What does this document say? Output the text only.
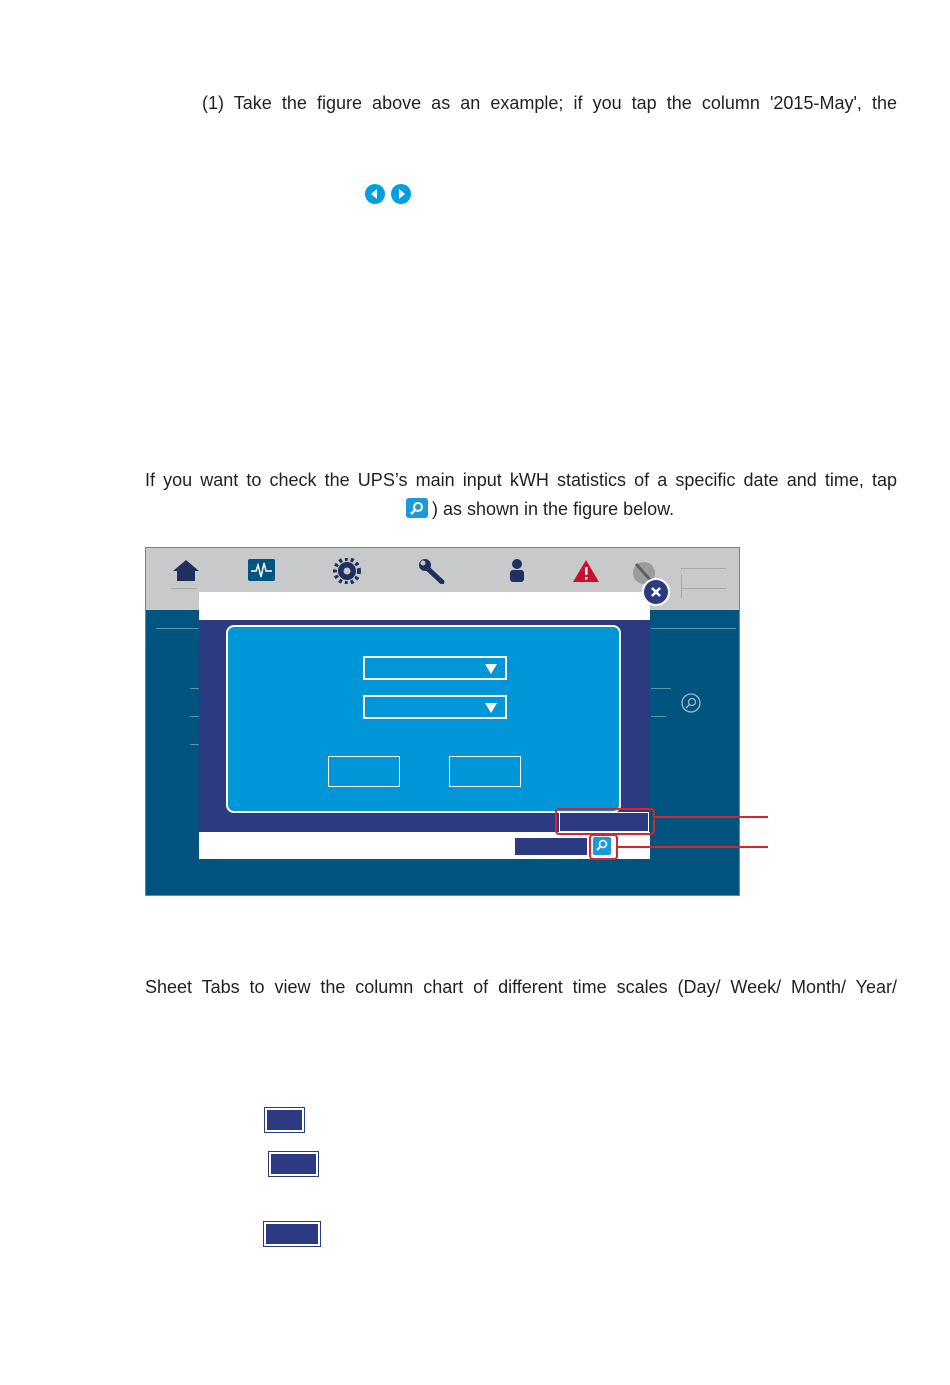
(1) Take the figure above as an example; if you tap the column '2015-May', the

If you want to check the UPS’s main input kWH statistics of a specific date and time, tap

) as shown in the figure below.

Sheet Tabs to view the column chart of different time scales (Day/ Week/ Month/ Year/
